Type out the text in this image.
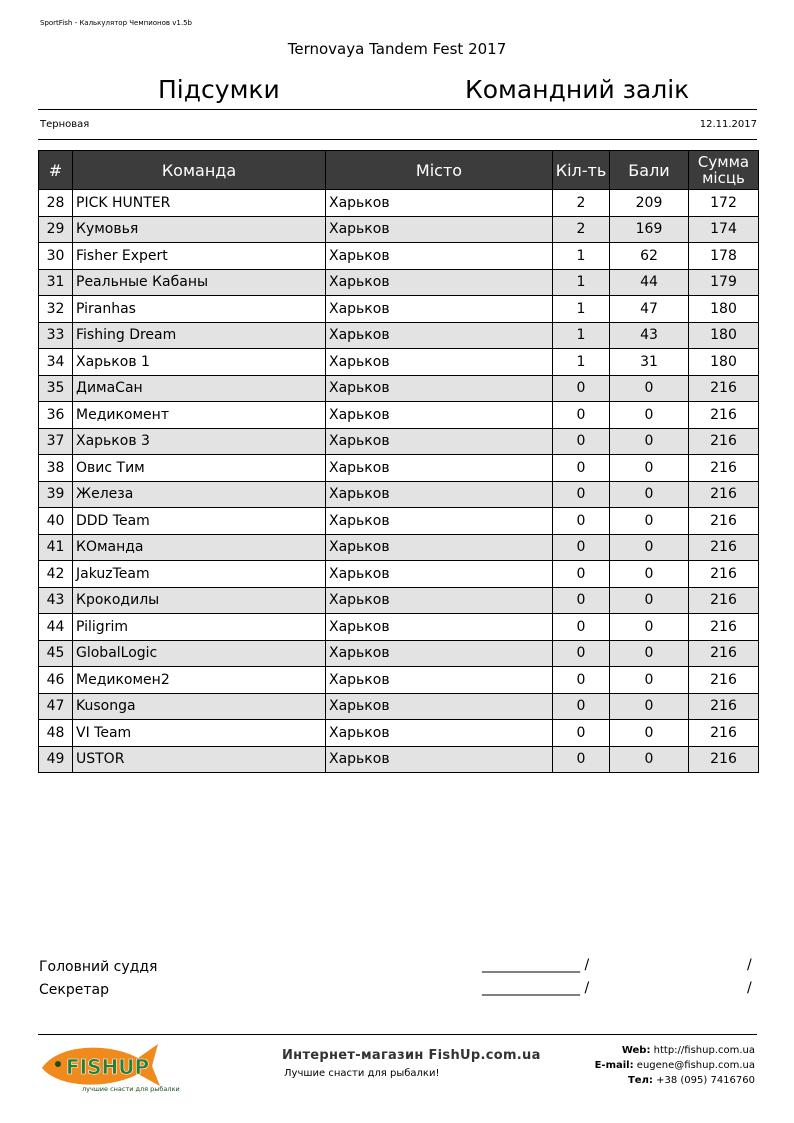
SportFish - Калькулятор Чемпионов v1.5b
Ternovaya Tandem Fest 2017
Підсумки	Командний залік
Терновая	12.11.2017
#	Команда	Місто	Кіл-ть	Бали	Сумма місць
28	PICK HUNTER	Харьков	2	209	172
29	Кумовья	Харьков	2	169	174
30	Fisher Expert	Харьков	1	62	178
31	Реальные Кабаны	Харьков	1	44	179
32	Piranhas	Харьков	1	47	180
33	Fishing Dream	Харьков	1	43	180
34	Харьков 1	Харьков	1	31	180
35	ДимаСан	Харьков	0	0	216
36	Медикомент	Харьков	0	0	216
37	Харьков 3	Харьков	0	0	216
38	Овис Тим	Харьков	0	0	216
39	Железа	Харьков	0	0	216
40	DDD Team	Харьков	0	0	216
41	КОманда	Харьков	0	0	216
42	JakuzTeam	Харьков	0	0	216
43	Крокодилы	Харьков	0	0	216
44	Piligrim	Харьков	0	0	216
45	GlobalLogic	Харьков	0	0	216
46	Медикомен2	Харьков	0	0	216
47	Kusonga	Харьков	0	0	216
48	VI Team	Харьков	0	0	216
49	USTOR	Харьков	0	0	216
Головний суддя	______________ /	/
Секретар	______________ /	/
FISHUP
лучшие снасти для рыбалки
Интернет-магазин FishUp.com.ua
Лучшие снасти для рыбалки!
Web: http://fishup.com.ua
E-mail: eugene@fishup.com.ua
Тел: +38 (095) 7416760
